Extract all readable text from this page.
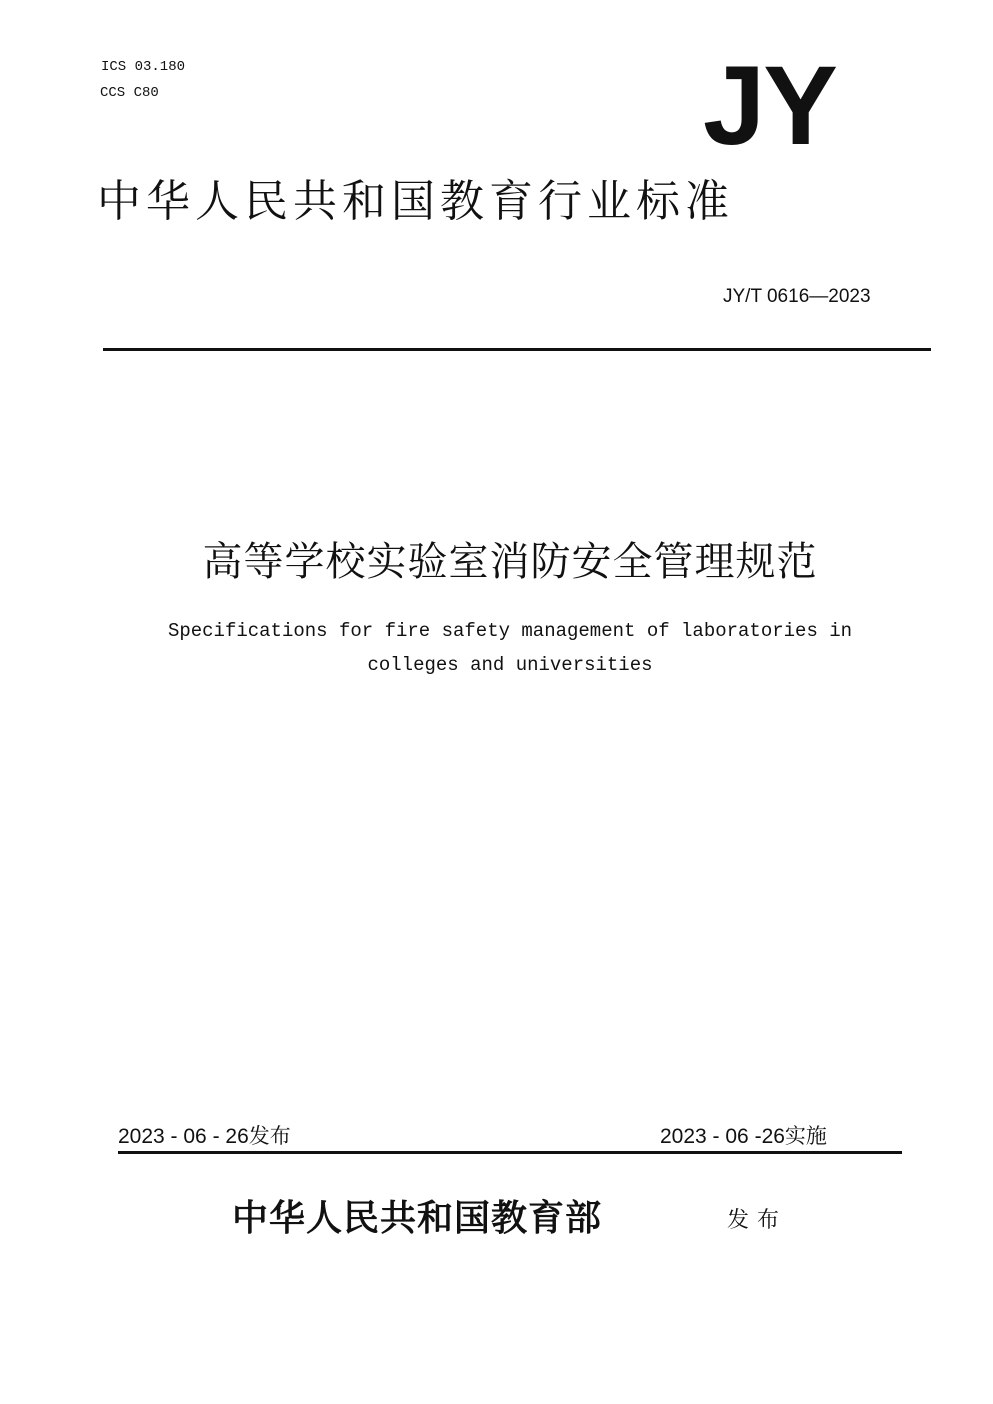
ICS 03.180
CCS C80	JY
中华人民共和国教育行业标准
JY/T 0616—2023
高等学校实验室消防安全管理规范
Specifications for fire safety management of laboratories in
colleges and universities
2023 - 06 - 26发布	2023 - 06 -26实施
中华人民共和国教育部	发布
